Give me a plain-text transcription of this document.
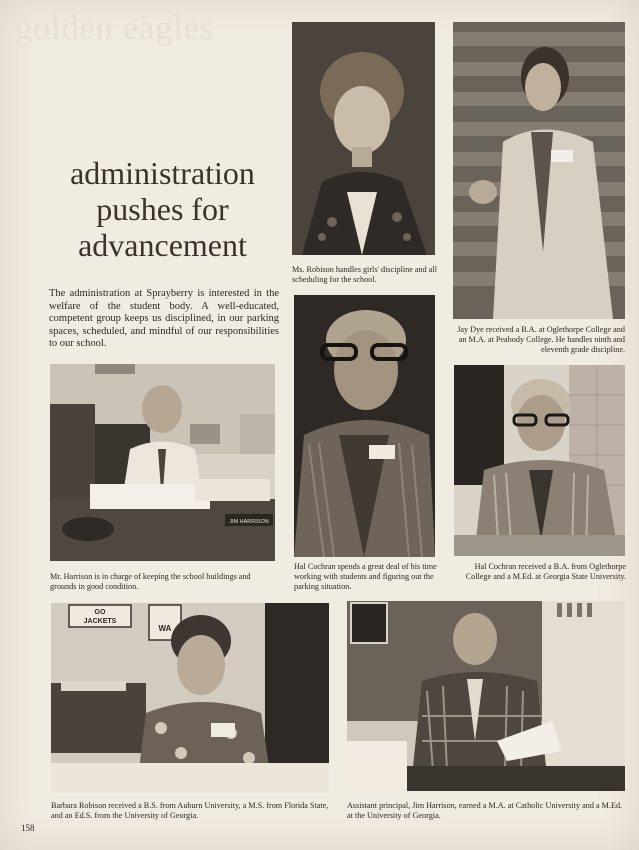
golden eagles
administration
pushes for
advancement
The administration at Sprayberry is interested in the welfare of the student body. A well-educated, competent group keeps us disciplined, in our parking spaces, scheduled, and mindful of our responsibilities to our school.
Ms. Robison handles girls' discipline and all scheduling for the school.
Jay Dye received a B.A. at Oglethorpe College and an M.A. at Peabody College. He handles ninth and eleventh grade discipline.
JIM HARRISON
Mr. Harrison is in charge of keeping the school buildings and grounds in good condition.
Hal Cochran spends a great deal of his time working with students and figuring out the parking situation.
Hal Cochran received a B.A. from Oglethorpe College and a M.Ed. at Georgia State University.
GO
JACKETS
WA
Barbara Robison received a B.S. from Auburn University, a M.S. from Florida State, and an Ed.S. from the University of Georgia.
Assistant principal, Jim Harrison, earned a M.A. at Catholic University and a M.Ed. at the University of Georgia.
158
